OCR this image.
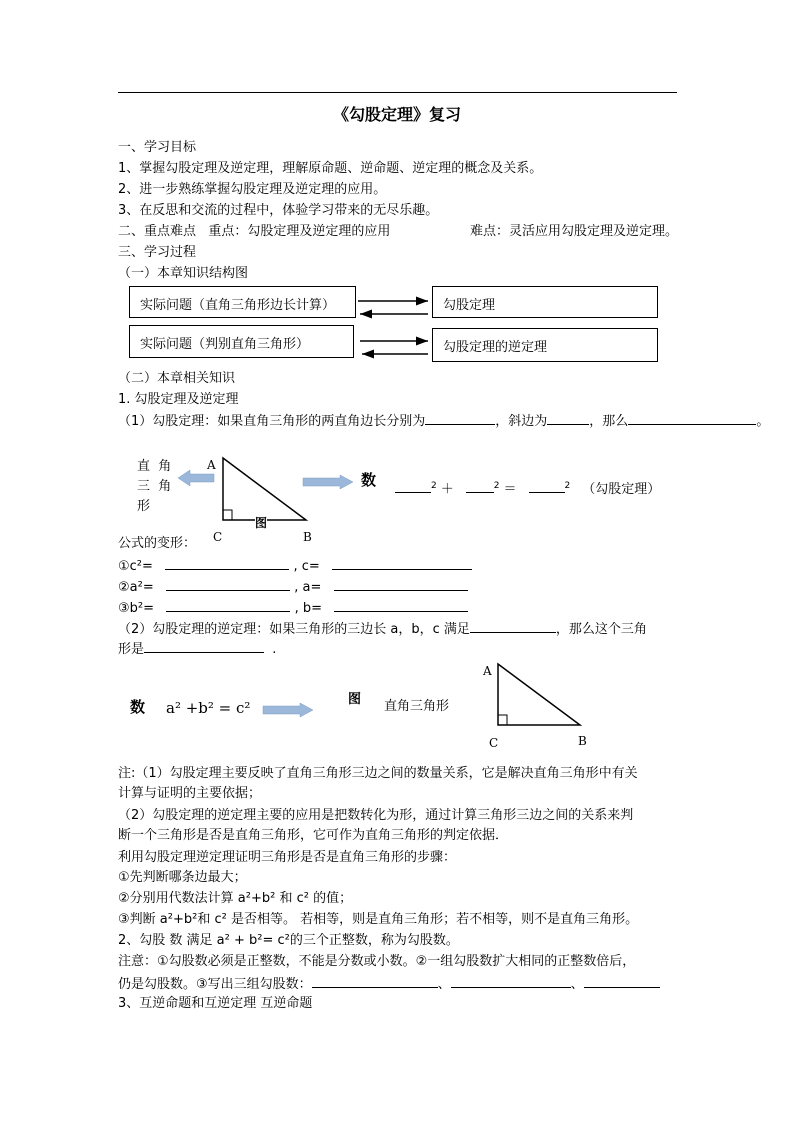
《勾股定理》复习
一、学习目标
1、掌握勾股定理及逆定理，理解原命题、逆命题、逆定理的概念及关系。
2、进一步熟练掌握勾股定理及逆定理的应用。
3、在反思和交流的过程中，体验学习带来的无尽乐趣。
二、重点难点 重点：勾股定理及逆定理的应用	难点：灵活应用勾股定理及逆定理。
三、学习过程
（一）本章知识结构图
实际问题（直角三角形边长计算）	勾股定理
实际问题（判别直角三角形）	勾股定理的逆定理
（二）本章相关知识
1. 勾股定理及逆定理
（1）勾股定理：如果直角三角形的两直角边长分别为	，斜边为	，那么	。
直 角
三 角
形
A
C	B
图
数	$^2$ ＋	$^2$ ＝	$^2$ （勾股定理）
公式的变形：
①c²=	, c=
②a²=	, a=
③b²=	, b=
（2）勾股定理的逆定理：如果三角形的三边长 a，b，c 满足	，那么这个三角
形是	.
数 a² +b² = c²	图 直角三角形
A
C	B
注:（1）勾股定理主要反映了直角三角形三边之间的数量关系，它是解决直角三角形中有关
计算与证明的主要依据；
（2）勾股定理的逆定理主要的应用是把数转化为形，通过计算三角形三边之间的关系来判
断一个三角形是否是直角三角形，它可作为直角三角形的判定依据．
利用勾股定理逆定理证明三角形是否是直角三角形的步骤：
①先判断哪条边最大；
②分别用代数法计算 a²+b² 和 c² 的值；
③判断 a²+b²和 c² 是否相等。 若相等，则是直角三角形；若不相等，则不是直角三角形。
2、勾股 数 满足 a² + b²= c²的三个正整数，称为勾股数。
注意：①勾股数必须是正整数，不能是分数或小数。②一组勾股数扩大相同的正整数倍后，
仍是勾股数。③写出三组勾股数：	、	、
3、互逆命题和互逆定理 互逆命题
